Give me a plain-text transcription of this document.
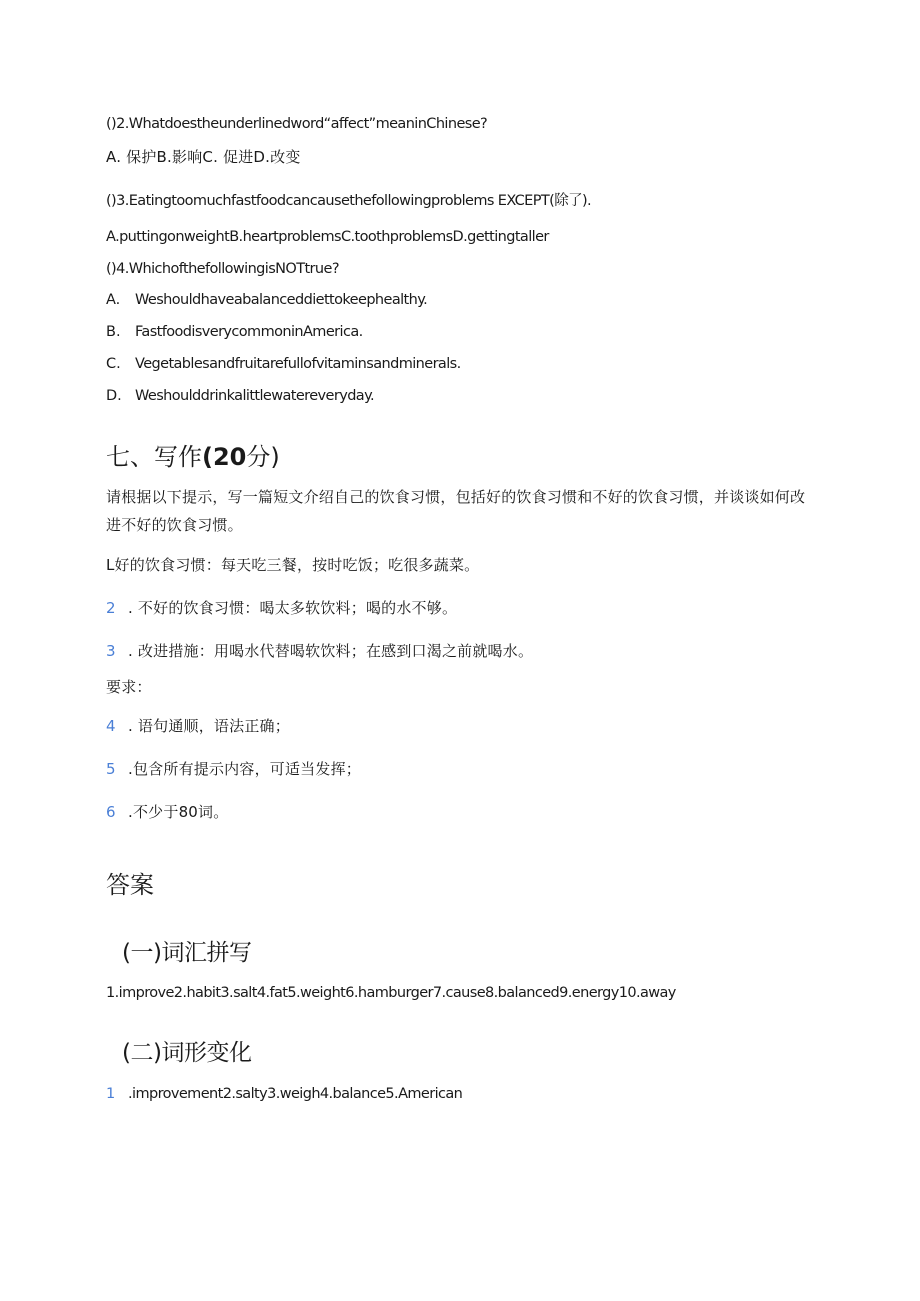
()2.Whatdoestheunderlinedword“affect”meaninChinese?
A. 保护B.影响C. 促进D.改变
()3.Eatingtoomuchfastfoodcancausethefollowingproblems EXCEPT(除了).
A.puttingonweightB.heartproblemsC.toothproblemsD.gettingtaller
()4.WhichofthefollowingisNOTtrue?
A. Weshouldhaveabalanceddiettokeephealthy.
B. FastfoodisverycommoninAmerica.
C. Vegetablesandfruitarefullofvitaminsandminerals.
D. Weshoulddrinkalittlewatereveryday.
七、写作(20分)
请根据以下提示，写一篇短文介绍自己的饮食习惯，包括好的饮食习惯和不好的饮食习惯，并谈谈如何改进不好的饮食习惯。
L好的饮食习惯：每天吃三餐，按时吃饭；吃很多蔬菜。
2 . 不好的饮食习惯：喝太多软饮料；喝的水不够。
3 . 改进措施：用喝水代替喝软饮料；在感到口渴之前就喝水。
要求：
4 . 语句通顺，语法正确；
5 .包含所有提示内容，可适当发挥；
6 .不少于80词。
答案
(一)词汇拼写
1.improve2.habit3.salt4.fat5.weight6.hamburger7.cause8.balanced9.energy10.away
(二)词形变化
1 .improvement2.salty3.weigh4.balance5.American
